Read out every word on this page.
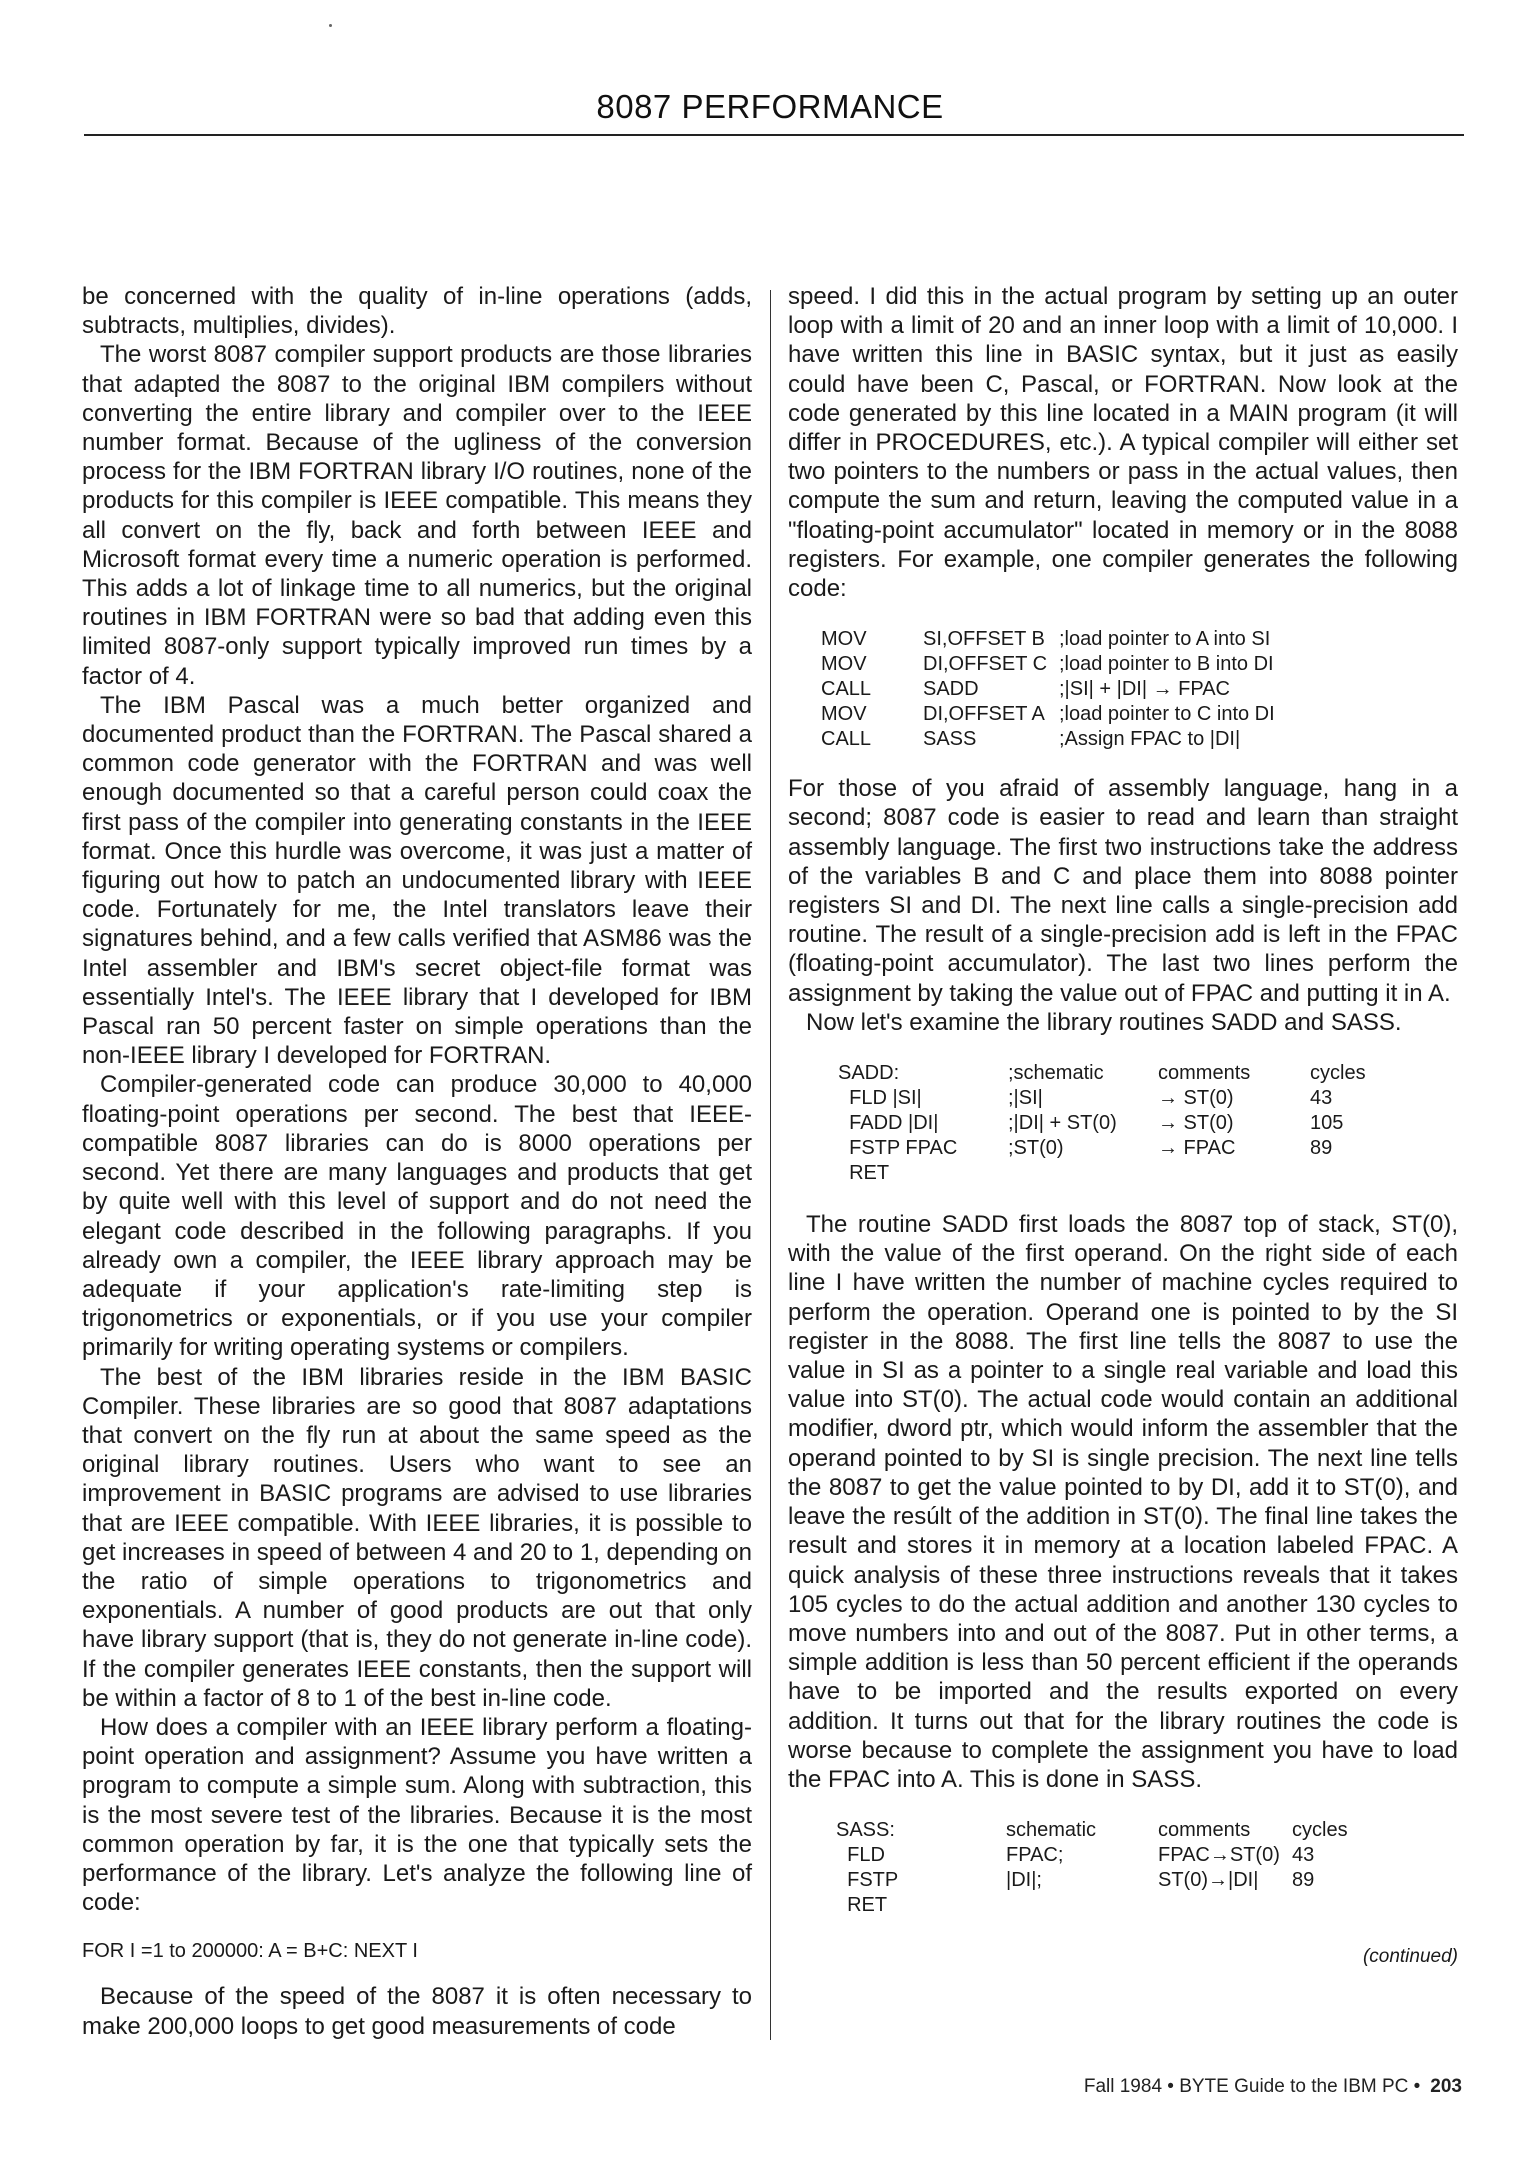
8087 PERFORMANCE

be concerned with the quality of in-line operations (adds, subtracts, multiplies, divides).

The worst 8087 compiler support products are those libraries that adapted the 8087 to the original IBM compilers without converting the entire library and compiler over to the IEEE number format. Because of the ugliness of the conversion process for the IBM FORTRAN library I/O routines, none of the products for this compiler is IEEE compatible. This means they all convert on the fly, back and forth between IEEE and Microsoft format every time a numeric operation is performed. This adds a lot of linkage time to all numerics, but the original routines in IBM FORTRAN were so bad that adding even this limited 8087-only support typically improved run times by a factor of 4.

The IBM Pascal was a much better organized and documented product than the FORTRAN. The Pascal shared a common code generator with the FORTRAN and was well enough documented so that a careful person could coax the first pass of the compiler into generating constants in the IEEE format. Once this hurdle was overcome, it was just a matter of figuring out how to patch an undocumented library with IEEE code. Fortunately for me, the Intel translators leave their signatures behind, and a few calls verified that ASM86 was the Intel assembler and IBM's secret object-file format was essentially Intel's. The IEEE library that I developed for IBM Pascal ran 50 percent faster on simple operations than the non-IEEE library I developed for FORTRAN.

Compiler-generated code can produce 30,000 to 40,000 floating-point operations per second. The best that IEEE-compatible 8087 libraries can do is 8000 operations per second. Yet there are many languages and products that get by quite well with this level of support and do not need the elegant code described in the following paragraphs. If you already own a compiler, the IEEE library approach may be adequate if your application's rate-limiting step is trigonometrics or exponentials, or if you use your compiler primarily for writing operating systems or compilers.

The best of the IBM libraries reside in the IBM BASIC Compiler. These libraries are so good that 8087 adaptations that convert on the fly run at about the same speed as the original library routines. Users who want to see an improvement in BASIC programs are advised to use libraries that are IEEE compatible. With IEEE libraries, it is possible to get increases in speed of between 4 and 20 to 1, depending on the ratio of simple operations to trigonometrics and exponentials. A number of good products are out that only have library support (that is, they do not generate in-line code). If the compiler generates IEEE constants, then the support will be within a factor of 8 to 1 of the best in-line code.

How does a compiler with an IEEE library perform a floating-point operation and assignment? Assume you have written a program to compute a simple sum. Along with subtraction, this is the most severe test of the libraries. Because it is the most common operation by far, it is the one that typically sets the performance of the library. Let's analyze the following line of code:

FOR I =1 to 200000: A = B+C: NEXT I

Because of the speed of the 8087 it is often necessary to make 200,000 loops to get good measurements of code

speed. I did this in the actual program by setting up an outer loop with a limit of 20 and an inner loop with a limit of 10,000. I have written this line in BASIC syntax, but it just as easily could have been C, Pascal, or FORTRAN. Now look at the code generated by this line located in a MAIN program (it will differ in PROCEDURES, etc.). A typical compiler will either set two pointers to the numbers or pass in the actual values, then compute the sum and return, leaving the computed value in a "floating-point accumulator" located in memory or in the 8088 registers. For example, one compiler generates the following code:

MOV	SI,OFFSET B ;load pointer to A into SI
MOV	DI,OFFSET C ;load pointer to B into DI
CALL	SADD	;|SI| + |DI| → FPAC
MOV	DI,OFFSET A ;load pointer to C into DI
CALL	SASS	;Assign FPAC to |DI|

For those of you afraid of assembly language, hang in a second; 8087 code is easier to read and learn than straight assembly language. The first two instructions take the address of the variables B and C and place them into 8088 pointer registers SI and DI. The next line calls a single-precision add routine. The result of a single-precision add is left in the FPAC (floating-point accumulator). The last two lines perform the assignment by taking the value out of FPAC and putting it in A.

Now let's examine the library routines SADD and SASS.

SADD:	;schematic	comments	cycles
FLD |SI|	;|SI|	→ ST(0)	43
FADD |DI|	;|DI| + ST(0)	→ ST(0)	105
FSTP FPAC	;ST(0)	→ FPAC	89
RET

The routine SADD first loads the 8087 top of stack, ST(0), with the value of the first operand. On the right side of each line I have written the number of machine cycles required to perform the operation. Operand one is pointed to by the SI register in the 8088. The first line tells the 8087 to use the value in SI as a pointer to a single real variable and load this value into ST(0). The actual code would contain an additional modifier, dword ptr, which would inform the assembler that the operand pointed to by SI is single precision. The next line tells the 8087 to get the value pointed to by DI, add it to ST(0), and leave the resúlt of the addition in ST(0). The final line takes the result and stores it in memory at a location labeled FPAC. A quick analysis of these three instructions reveals that it takes 105 cycles to do the actual addition and another 130 cycles to move numbers into and out of the 8087. Put in other terms, a simple addition is less than 50 percent efficient if the operands have to be imported and the results exported on every addition. It turns out that for the library routines the code is worse because to complete the assignment you have to load the FPAC into A. This is done in SASS.

SASS:	schematic	comments	cycles
FLD	FPAC;	FPAC→ST(0) 43
FSTP	|DI|;	ST(0)→|DI|	89
RET
(continued)
Fall 1984 • BYTE Guide to the IBM PC • 203
